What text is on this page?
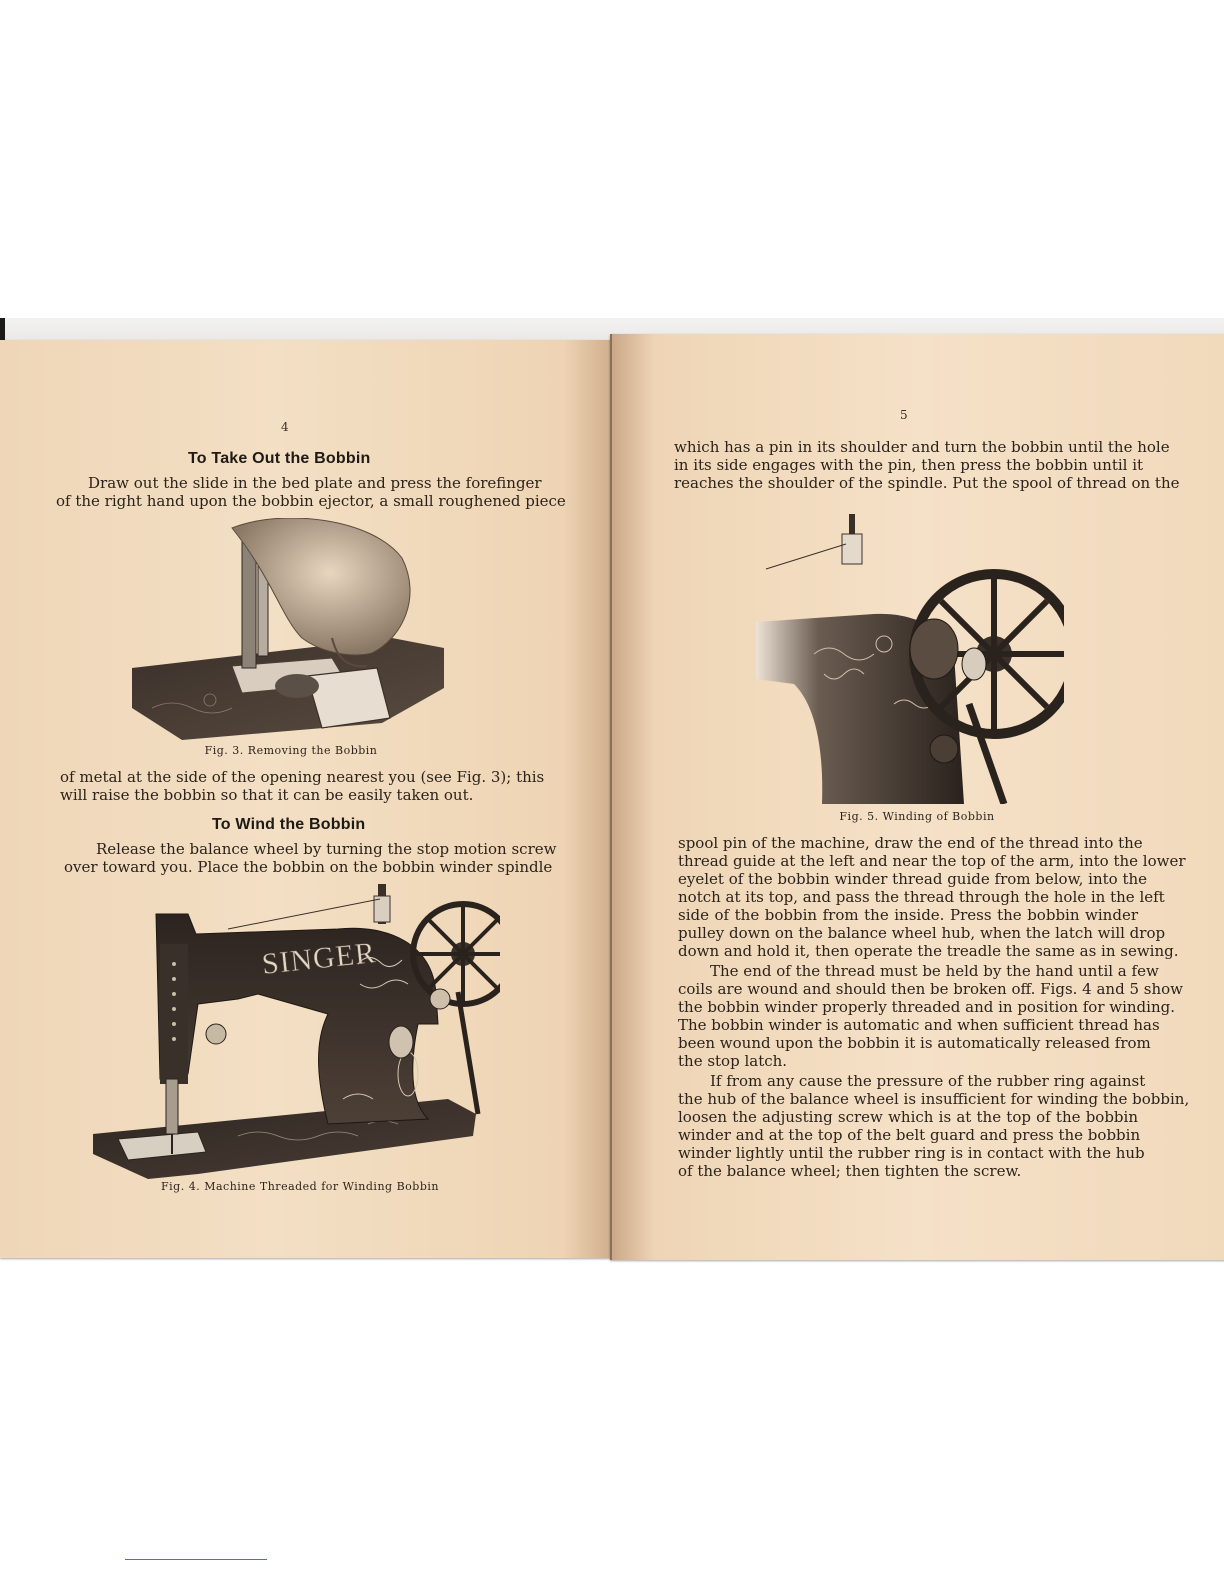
4
To Take Out the Bobbin
Draw out the slide in the bed plate and press the forefinger
of the right hand upon the bobbin ejector, a small roughened piece
Fig. 3. Removing the Bobbin
of metal at the side of the opening nearest you (see Fig. 3); this
will raise the bobbin so that it can be easily taken out.
To Wind the Bobbin
Release the balance wheel by turning the stop motion screw
over toward you. Place the bobbin on the bobbin winder spindle
SINGER
Fig. 4. Machine Threaded for Winding Bobbin
5
which has a pin in its shoulder and turn the bobbin until the hole
in its side engages with the pin, then press the bobbin until it
reaches the shoulder of the spindle. Put the spool of thread on the
Fig. 5. Winding of Bobbin
spool pin of the machine, draw the end of the thread into the
thread guide at the left and near the top of the arm, into the lower
eyelet of the bobbin winder thread guide from below, into the
notch at its top, and pass the thread through the hole in the left
side of the bobbin from the inside. Press the bobbin winder
pulley down on the balance wheel hub, when the latch will drop
down and hold it, then operate the treadle the same as in sewing.
The end of the thread must be held by the hand until a few
coils are wound and should then be broken off. Figs. 4 and 5 show
the bobbin winder properly threaded and in position for winding.
The bobbin winder is automatic and when sufficient thread has
been wound upon the bobbin it is automatically released from
the stop latch.
If from any cause the pressure of the rubber ring against
the hub of the balance wheel is insufficient for winding the bobbin,
loosen the adjusting screw which is at the top of the bobbin
winder and at the top of the belt guard and press the bobbin
winder lightly until the rubber ring is in contact with the hub
of the balance wheel; then tighten the screw.
